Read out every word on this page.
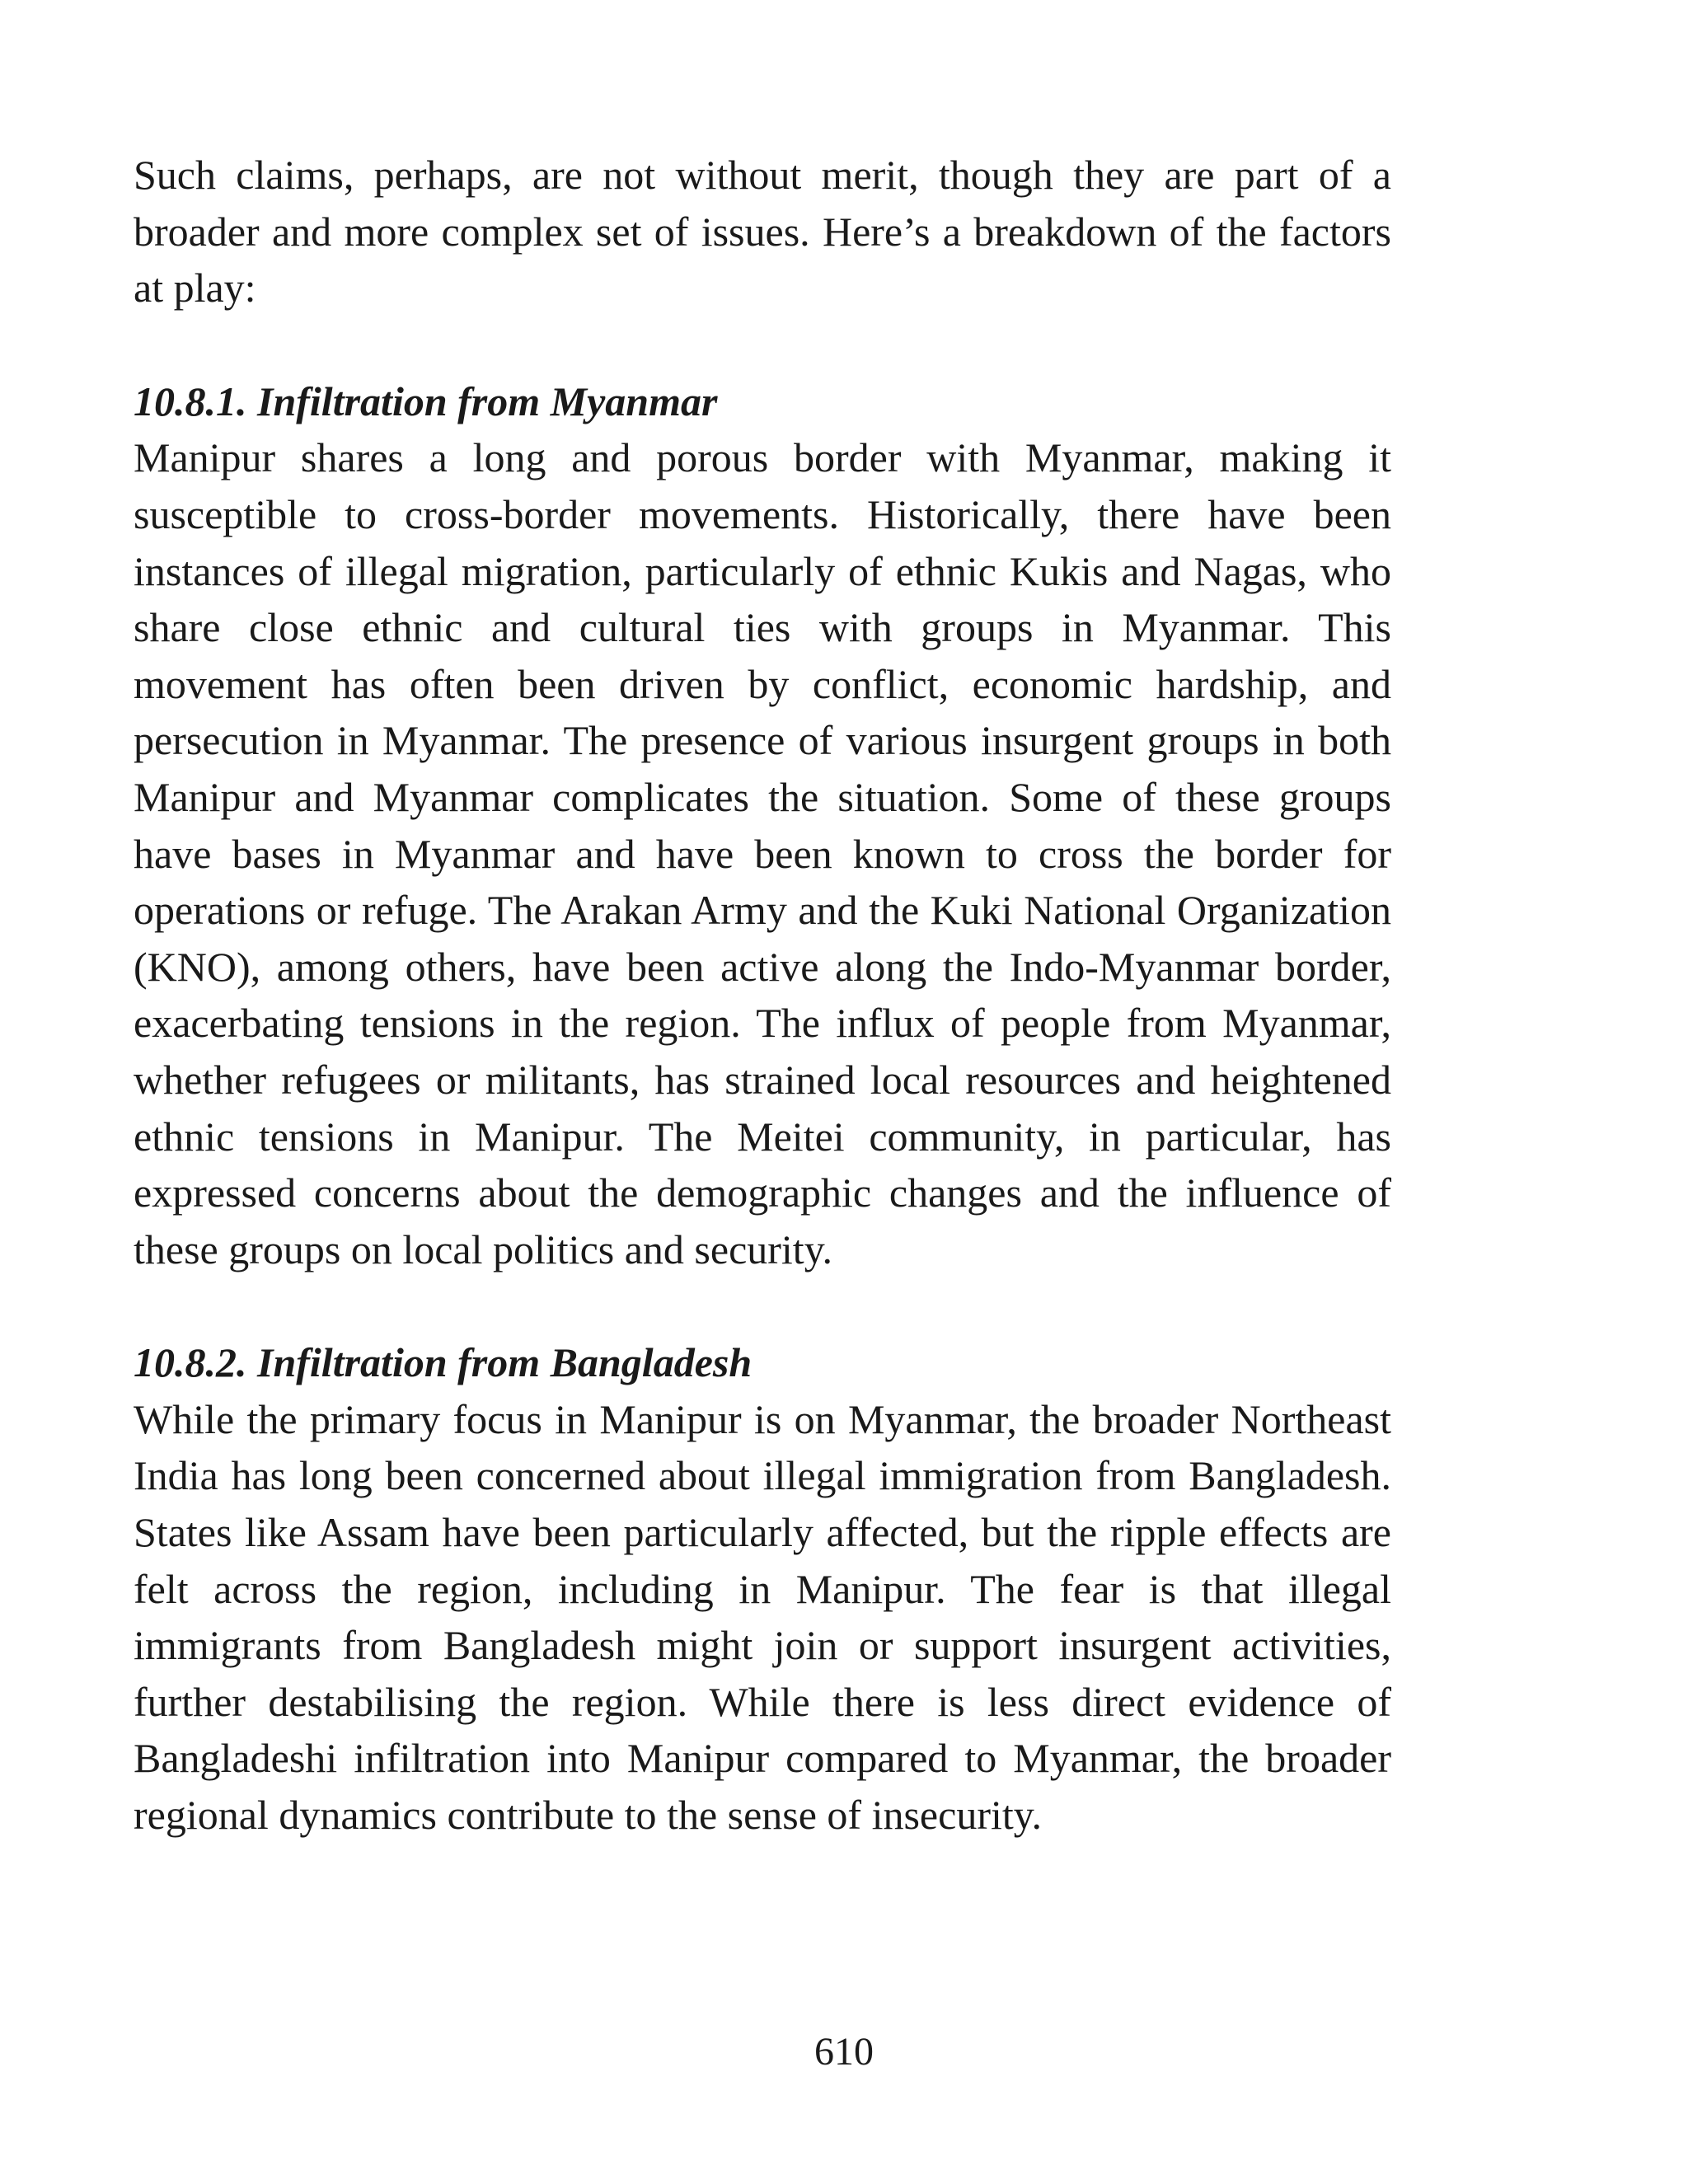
Such claims, perhaps, are not without merit, though they are part of a broader and more complex set of issues. Here’s a breakdown of the factors at play:

10.8.1. Infiltration from Myanmar

Manipur shares a long and porous border with Myanmar, making it susceptible to cross-border movements. Historically, there have been instances of illegal migration, particularly of ethnic Kukis and Nagas, who share close ethnic and cultural ties with groups in Myanmar. This movement has often been driven by conflict, economic hardship, and persecution in Myanmar. The presence of various insurgent groups in both Manipur and Myanmar complicates the situation. Some of these groups have bases in Myanmar and have been known to cross the border for operations or refuge. The Arakan Army and the Kuki National Organization (KNO), among others, have been active along the Indo-Myanmar border, exacerbating tensions in the region. The influx of people from Myanmar, whether refugees or militants, has strained local resources and heightened ethnic tensions in Manipur. The Meitei community, in particular, has expressed concerns about the demographic changes and the influence of these groups on local politics and security.

10.8.2. Infiltration from Bangladesh

While the primary focus in Manipur is on Myanmar, the broader Northeast India has long been concerned about illegal immigration from Bangladesh. States like Assam have been particularly affected, but the ripple effects are felt across the region, including in Manipur. The fear is that illegal immigrants from Bangladesh might join or support insurgent activities, further destabilising the region. While there is less direct evidence of Bangladeshi infiltration into Manipur compared to Myanmar, the broader regional dynamics contribute to the sense of insecurity.

610
